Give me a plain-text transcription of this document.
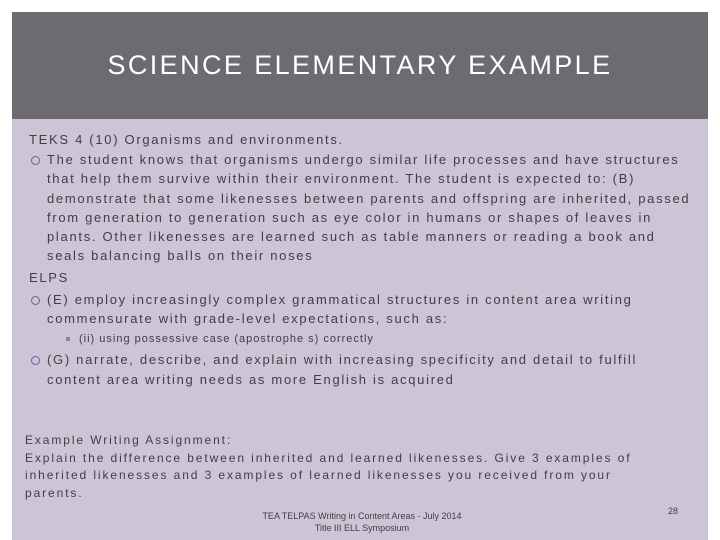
SCIENCE ELEMENTARY EXAMPLE

TEKS 4 (10) Organisms and environments.

The student knows that organisms undergo similar life processes and have structures that help them survive within their environment. The student is expected to: (B) demonstrate that some likenesses between parents and offspring are inherited, passed from generation to generation such as eye color in humans or shapes of leaves in plants. Other likenesses are learned such as table manners or reading a book and seals balancing balls on their noses

ELPS

(E) employ increasingly complex grammatical structures in content area writing commensurate with grade-level expectations, such as:
(ii) using possessive case (apostrophe s) correctly
(G) narrate, describe, and explain with increasing specificity and detail to fulfill content area writing needs as more English is acquired

Example Writing Assignment:

Explain the difference between inherited and learned likenesses. Give 3 examples of inherited likenesses and 3 examples of learned likenesses you received from your parents.

TEA TELPAS Writing in Content Areas - July 2014
Title III ELL Symposium
28
